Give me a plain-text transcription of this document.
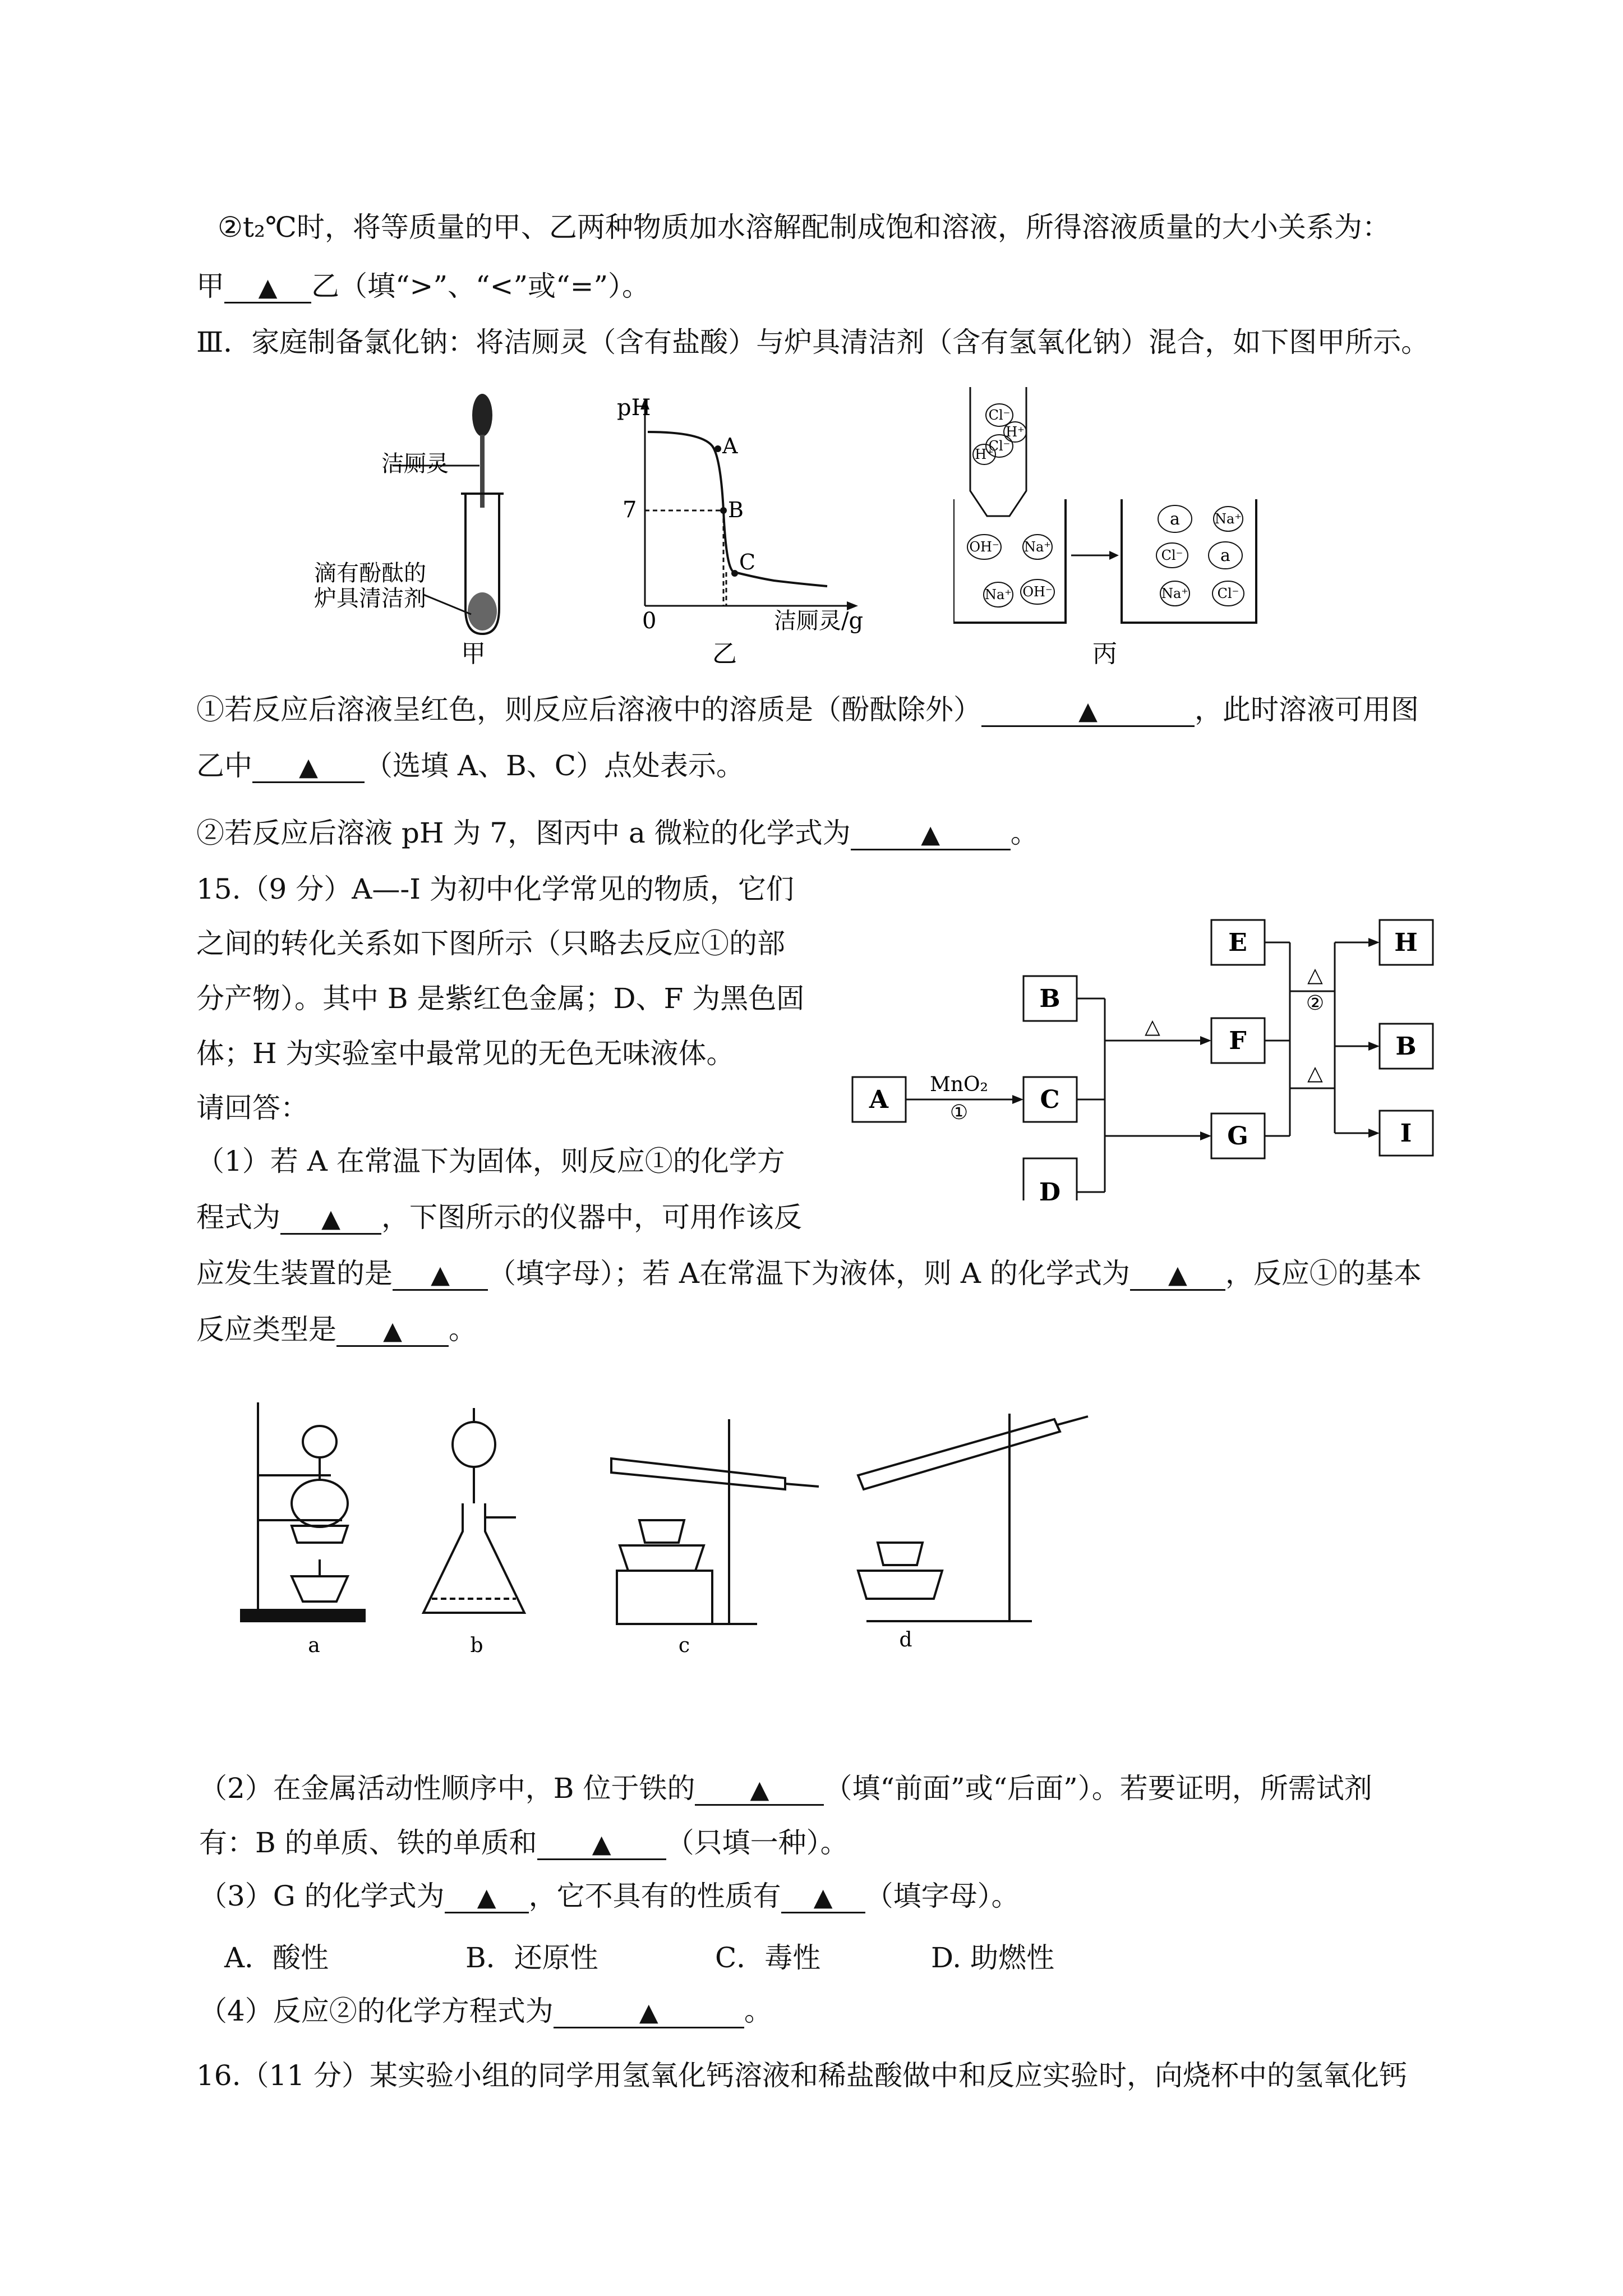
②t₂℃时，将等质量的甲、乙两种物质加水溶解配制成饱和溶液，所得溶液质量的大小关系为：
甲 ▲ 乙（填“>”、“<”或“=”）。
Ⅲ．家庭制备氯化钠：将洁厕灵（含有盐酸）与炉具清洁剂（含有氢氧化钠）混合，如下图甲所示。
洁厕灵
滴有酚酞的
炉具清洁剂
甲
pH
7
0
A
B
C
洁厕灵/g
乙
Cl⁻
Cl⁻
H⁺
H⁺
OH⁻ Na⁺
Na⁺ OH⁻
a	Na⁺
Cl⁻ a
Na⁺ Cl⁻
丙
①若反应后溶液呈红色，则反应后溶液中的溶质是（酚酞除外）	▲	，此时溶液可用图
乙中 ▲ （选填 A、B、C）点处表示。
②若反应后溶液 pH 为 7，图丙中 a 微粒的化学式为	▲	。
15.（9 分）A—-I 为初中化学常见的物质，它们
之间的转化关系如下图所示（只略去反应①的部
分产物）。其中 B 是紫红色金属；D、F 为黑色固
体；H 为实验室中最常见的无色无味液体。
请回答：
（1）若 A 在常温下为固体，则反应①的化学方
程式为 ▲ ，下图所示的仪器中，可用作该反
应发生装置的是 ▲ （填字母）；若 A在常温下为液体，则 A 的化学式为 ▲ ，反应①的基本
反应类型是 ▲ 。
A
B
C
D
E
F
G
H
B
I
MnO₂
①
△
△
②
△
a	b	c	d
（2）在金属活动性顺序中，B 位于铁的 ▲ （填“前面”或“后面”）。若要证明，所需试剂
有：B 的单质、铁的单质和 ▲ （只填一种）。
（3）G 的化学式为 ▲ ，它不具有的性质有 ▲ （填字母）。
A．酸性	B．还原性	C．毒性	D. 助燃性
（4）反应②的化学方程式为	▲	。
16.（11 分）某实验小组的同学用氢氧化钙溶液和稀盐酸做中和反应实验时，向烧杯中的氢氧化钙
